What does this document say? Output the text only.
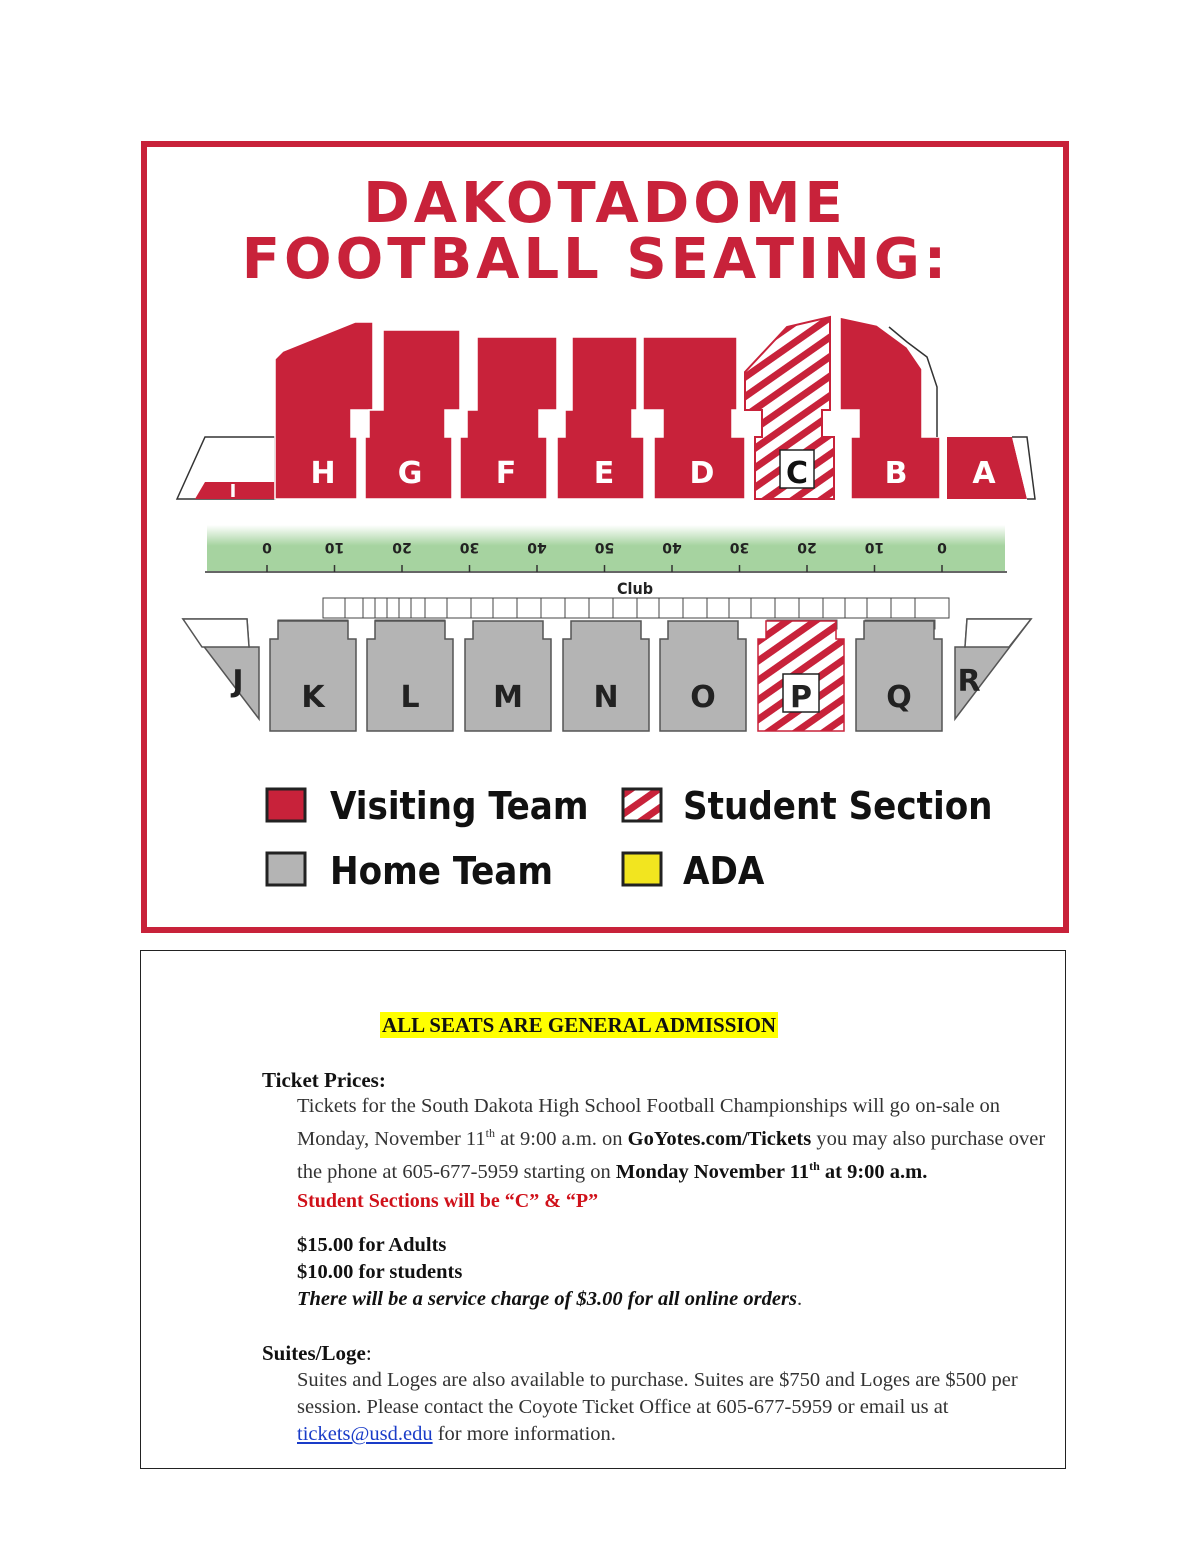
DAKOTADOME
FOOTBALL SEATING:
I
H G F	E	D C	B A
0	10	20	30	40	50	40	30	20	10	0
Club
J	R
K	L M N O P Q
Visiting Team
Home Team
Student Section
ADA
ALL SEATS ARE GENERAL ADMISSION
Ticket Prices:
Tickets for the South Dakota High School Football Championships will go on-sale on Monday, November 11th at 9:00 a.m. on GoYotes.com/Tickets you may also purchase over the phone at 605-677-5959 starting on Monday November 11th at 9:00 a.m.
Student Sections will be “C” & “P”
$15.00 for Adults
$10.00 for students
There will be a service charge of $3.00 for all online orders.
Suites/Loge:
Suites and Loges are also available to purchase. Suites are $750 and Loges are $500 per session. Please contact the Coyote Ticket Office at 605-677-5959 or email us at tickets@usd.edu for more information.
